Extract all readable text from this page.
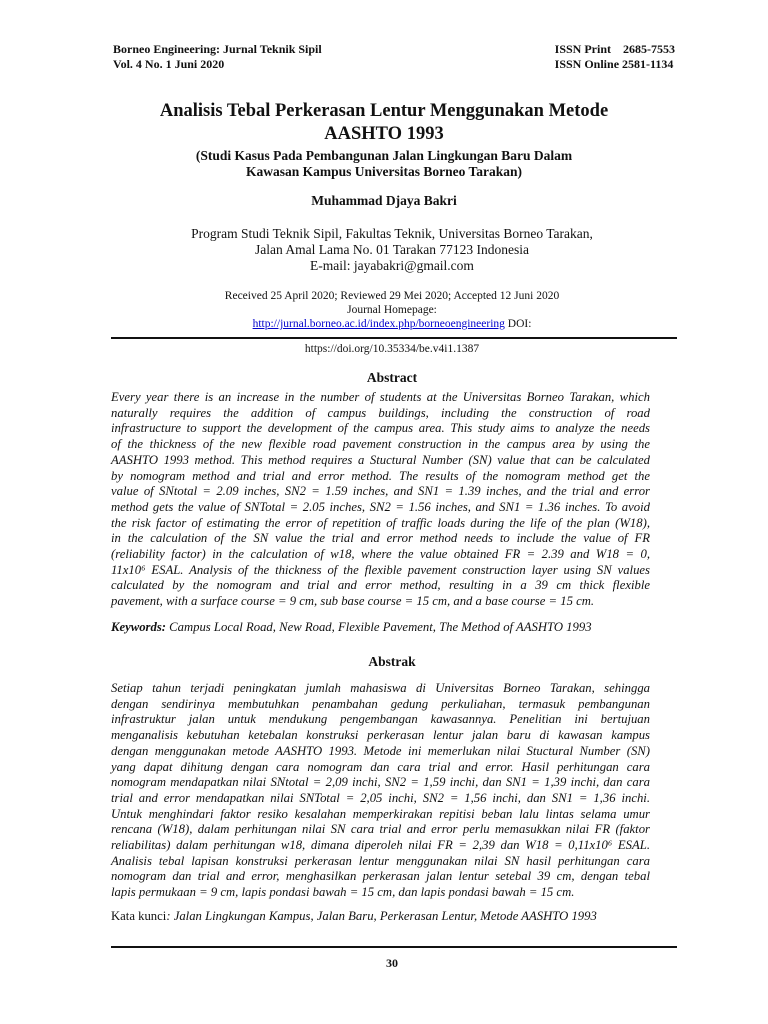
Borneo Engineering: Jurnal Teknik Sipil
Vol. 4 No. 1 Juni 2020
ISSN Print    2685-7553
ISSN Online 2581-1134
Analisis Tebal Perkerasan Lentur Menggunakan Metode
AASHTO 1993
(Studi Kasus Pada Pembangunan Jalan Lingkungan Baru Dalam
Kawasan Kampus Universitas Borneo Tarakan)
Muhammad Djaya Bakri
Program Studi Teknik Sipil, Fakultas Teknik, Universitas Borneo Tarakan,
Jalan Amal Lama No. 01 Tarakan 77123 Indonesia
E-mail: jayabakri@gmail.com
Received 25 April 2020; Reviewed 29 Mei 2020; Accepted 12 Juni 2020
Journal Homepage:
http://jurnal.borneo.ac.id/index.php/borneoengineering DOI:
https://doi.org/10.35334/be.v4i1.1387
Abstract

Every year there is an increase in the number of students at the Universitas Borneo Tarakan, which

naturally requires the addition of campus buildings, including the construction of road

infrastructure to support the development of the campus area. This study aims to analyze the needs

of the thickness of the new flexible road pavement construction in the campus area by using the

AASHTO 1993 method. This method requires a Stuctural Number (SN) value that can be calculated

by nomogram method and trial and error method. The results of the nomogram method get the

value of SNtotal = 2.09 inches, SN2 = 1.59 inches, and SN1 = 1.39 inches, and the trial and error

method gets the value of SNTotal = 2.05 inches, SN2 = 1.56 inches, and SN1 = 1.36 inches. To avoid

the risk factor of estimating the error of repetition of traffic loads during the life of the plan (W18),

in the calculation of the SN value the trial and error method needs to include the value of FR

(reliability factor) in the calculation of w18, where the value obtained FR = 2.39 and W18 = 0,

11x10⁶ ESAL. Analysis of the thickness of the flexible pavement construction layer using SN values

calculated by the nomogram and trial and error method, resulting in a 39 cm thick flexible

pavement, with a surface course = 9 cm, sub base course = 15 cm, and a base course = 15 cm.

Keywords: Campus Local Road, New Road, Flexible Pavement, The Method of AASHTO 1993
Abstrak

Setiap tahun terjadi peningkatan jumlah mahasiswa di Universitas Borneo Tarakan, sehingga

dengan sendirinya membutuhkan penambahan gedung perkuliahan, termasuk pembangunan

infrastruktur jalan untuk mendukung pengembangan kawasannya. Penelitian ini bertujuan

menganalisis kebutuhan ketebalan konstruksi perkerasan lentur jalan baru di kawasan kampus

dengan menggunakan metode AASHTO 1993. Metode ini memerlukan nilai Stuctural Number (SN)

yang dapat dihitung dengan cara nomogram dan cara trial and error. Hasil perhitungan cara

nomogram mendapatkan nilai SNtotal = 2,09 inchi, SN2 = 1,59 inchi, dan SN1 = 1,39 inchi, dan cara

trial and error mendapatkan nilai SNTotal = 2,05 inchi, SN2 = 1,56 inchi, dan SN1 = 1,36 inchi.

Untuk menghindari faktor resiko kesalahan memperkirakan repitisi beban lalu lintas selama umur

rencana (W18), dalam perhitungan nilai SN cara trial and error perlu memasukkan nilai FR (faktor

reliabilitas) dalam perhitungan w18, dimana diperoleh nilai FR = 2,39 dan W18 = 0,11x10⁶ ESAL.

Analisis tebal lapisan konstruksi perkerasan lentur menggunakan nilai SN hasil perhitungan cara

nomogram dan trial and error, menghasilkan perkerasan jalan lentur setebal 39 cm, dengan tebal

lapis permukaan = 9 cm, lapis pondasi bawah = 15 cm, dan lapis pondasi bawah = 15 cm.

Kata kunci: Jalan Lingkungan Kampus, Jalan Baru, Perkerasan Lentur, Metode AASHTO 1993
30
